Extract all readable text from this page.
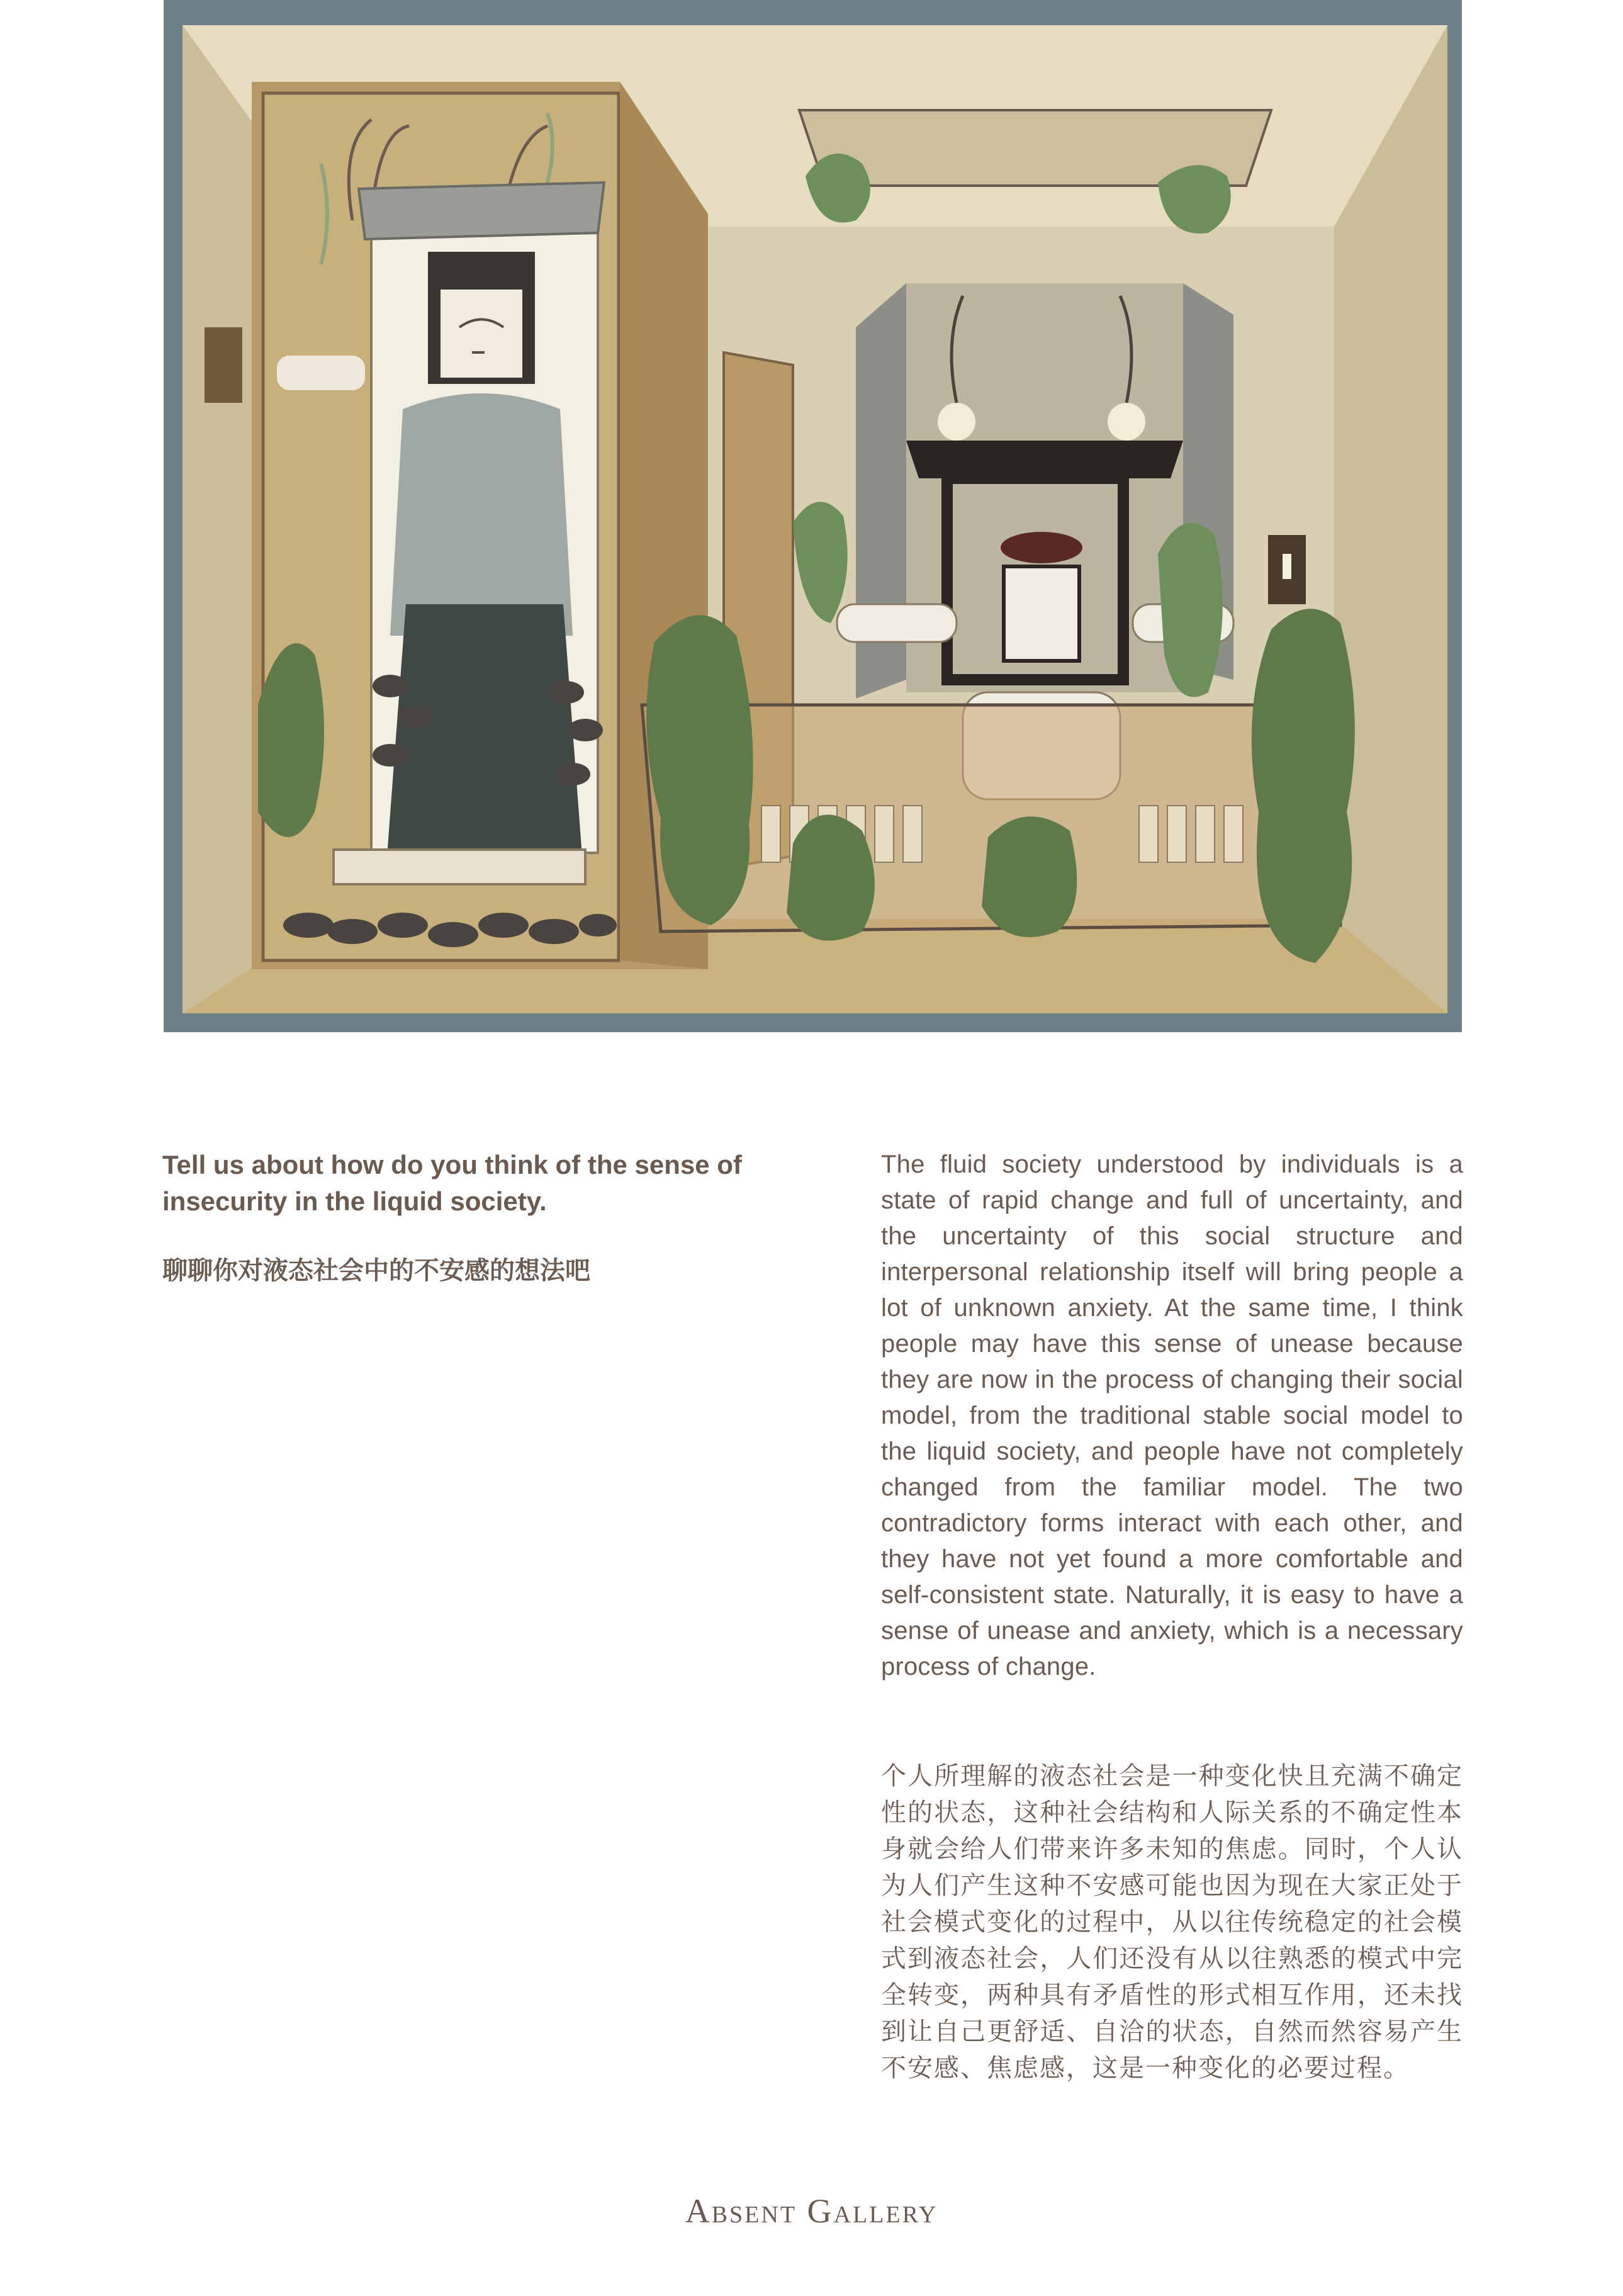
Tell us about how do you think of the sense of insecurity in the liquid society.

聊聊你对液态社会中的不安感的想法吧

The fluid society understood by individuals is a state of rapid change and full of uncertainty, and the uncertainty of this social structure and interpersonal relationship itself will bring people a lot of unknown anxiety. At the same time, I think people may have this sense of unease because they are now in the process of changing their social model, from the traditional stable social model to the liquid society, and people have not completely changed from the familiar model. The two contradictory forms interact with each other, and they have not yet found a more comfortable and self-consistent state. Naturally, it is easy to have a sense of unease and anxiety, which is a necessary process of change.

个人所理解的液态社会是一种变化快且充满不确定性的状态，这种社会结构和人际关系的不确定性本身就会给人们带来许多未知的焦虑。同时，个人认为人们产生这种不安感可能也因为现在大家正处于社会模式变化的过程中，从以往传统稳定的社会模式到液态社会，人们还没有从以往熟悉的模式中完全转变，两种具有矛盾性的形式相互作用，还未找到让自己更舒适、自洽的状态，自然而然容易产生不安感、焦虑感，这是一种变化的必要过程。

Absent Gallery
